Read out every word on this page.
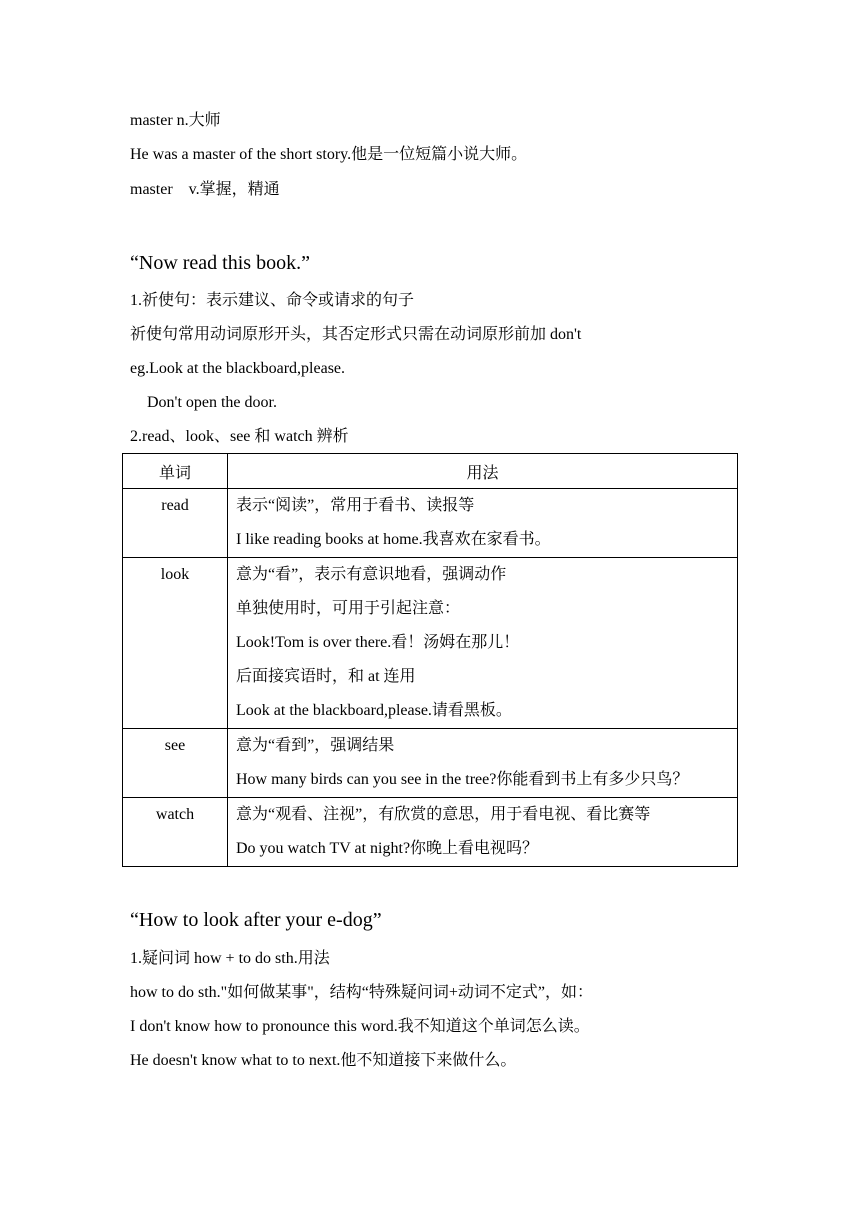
master n.大师
He was a master of the short story.他是一位短篇小说大师。
master    v.掌握，精通
“Now read this book.”
1.祈使句：表示建议、命令或请求的句子
祈使句常用动词原形开头，其否定形式只需在动词原形前加 don't
eg.Look at the blackboard,please.
Don't open the door.
2.read、look、see 和 watch 辨析
单词	用法

read	表示“阅读”，常用于看书、读报等
I like reading books at home.我喜欢在家看书。

look	意为“看”，表示有意识地看，强调动作
单独使用时，可用于引起注意：
Look!Tom is over there.看！汤姆在那儿！
后面接宾语时，和 at 连用
Look at the blackboard,please.请看黑板。

see	意为“看到”，强调结果
How many birds can you see in the tree?你能看到书上有多少只鸟？

watch	意为“观看、注视”，有欣赏的意思，用于看电视、看比赛等
Do you watch TV at night?你晚上看电视吗？
“How to look after your e-dog”
1.疑问词 how + to do sth.用法
how to do sth."如何做某事"，结构“特殊疑问词+动词不定式”，如：
I don't know how to pronounce this word.我不知道这个单词怎么读。
He doesn't know what to to next.他不知道接下来做什么。
